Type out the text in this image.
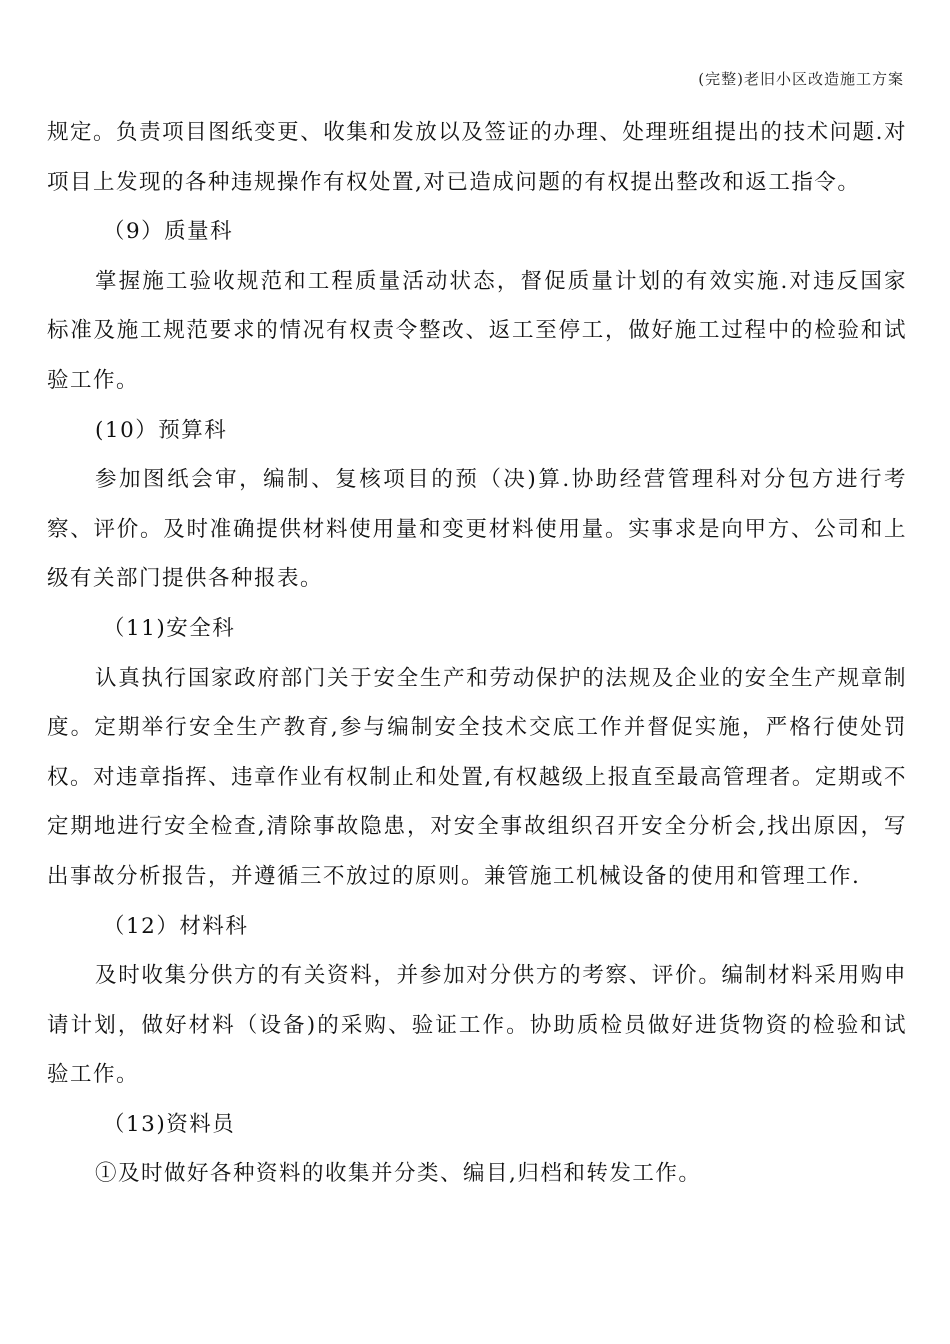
(完整)老旧小区改造施工方案

规定。负责项目图纸变更、收集和发放以及签证的办理、处理班组提出的技术问题.对项目上发现的各种违规操作有权处置,对已造成问题的有权提出整改和返工指令。

（9）质量科

掌握施工验收规范和工程质量活动状态，督促质量计划的有效实施.对违反国家标准及施工规范要求的情况有权责令整改、返工至停工，做好施工过程中的检验和试验工作。

(10）预算科

参加图纸会审，编制、复核项目的预（决)算.协助经营管理科对分包方进行考察、评价。及时准确提供材料使用量和变更材料使用量。实事求是向甲方、公司和上级有关部门提供各种报表。

（11)安全科

认真执行国家政府部门关于安全生产和劳动保护的法规及企业的安全生产规章制度。定期举行安全生产教育,参与编制安全技术交底工作并督促实施，严格行使处罚权。对违章指挥、违章作业有权制止和处置,有权越级上报直至最高管理者。定期或不定期地进行安全检查,清除事故隐患，对安全事故组织召开安全分析会,找出原因，写出事故分析报告，并遵循三不放过的原则。兼管施工机械设备的使用和管理工作.

（12）材料科

及时收集分供方的有关资料，并参加对分供方的考察、评价。编制材料采用购申请计划，做好材料（设备)的采购、验证工作。协助质检员做好进货物资的检验和试验工作。

（13)资料员

①及时做好各种资料的收集并分类、编目,归档和转发工作。
